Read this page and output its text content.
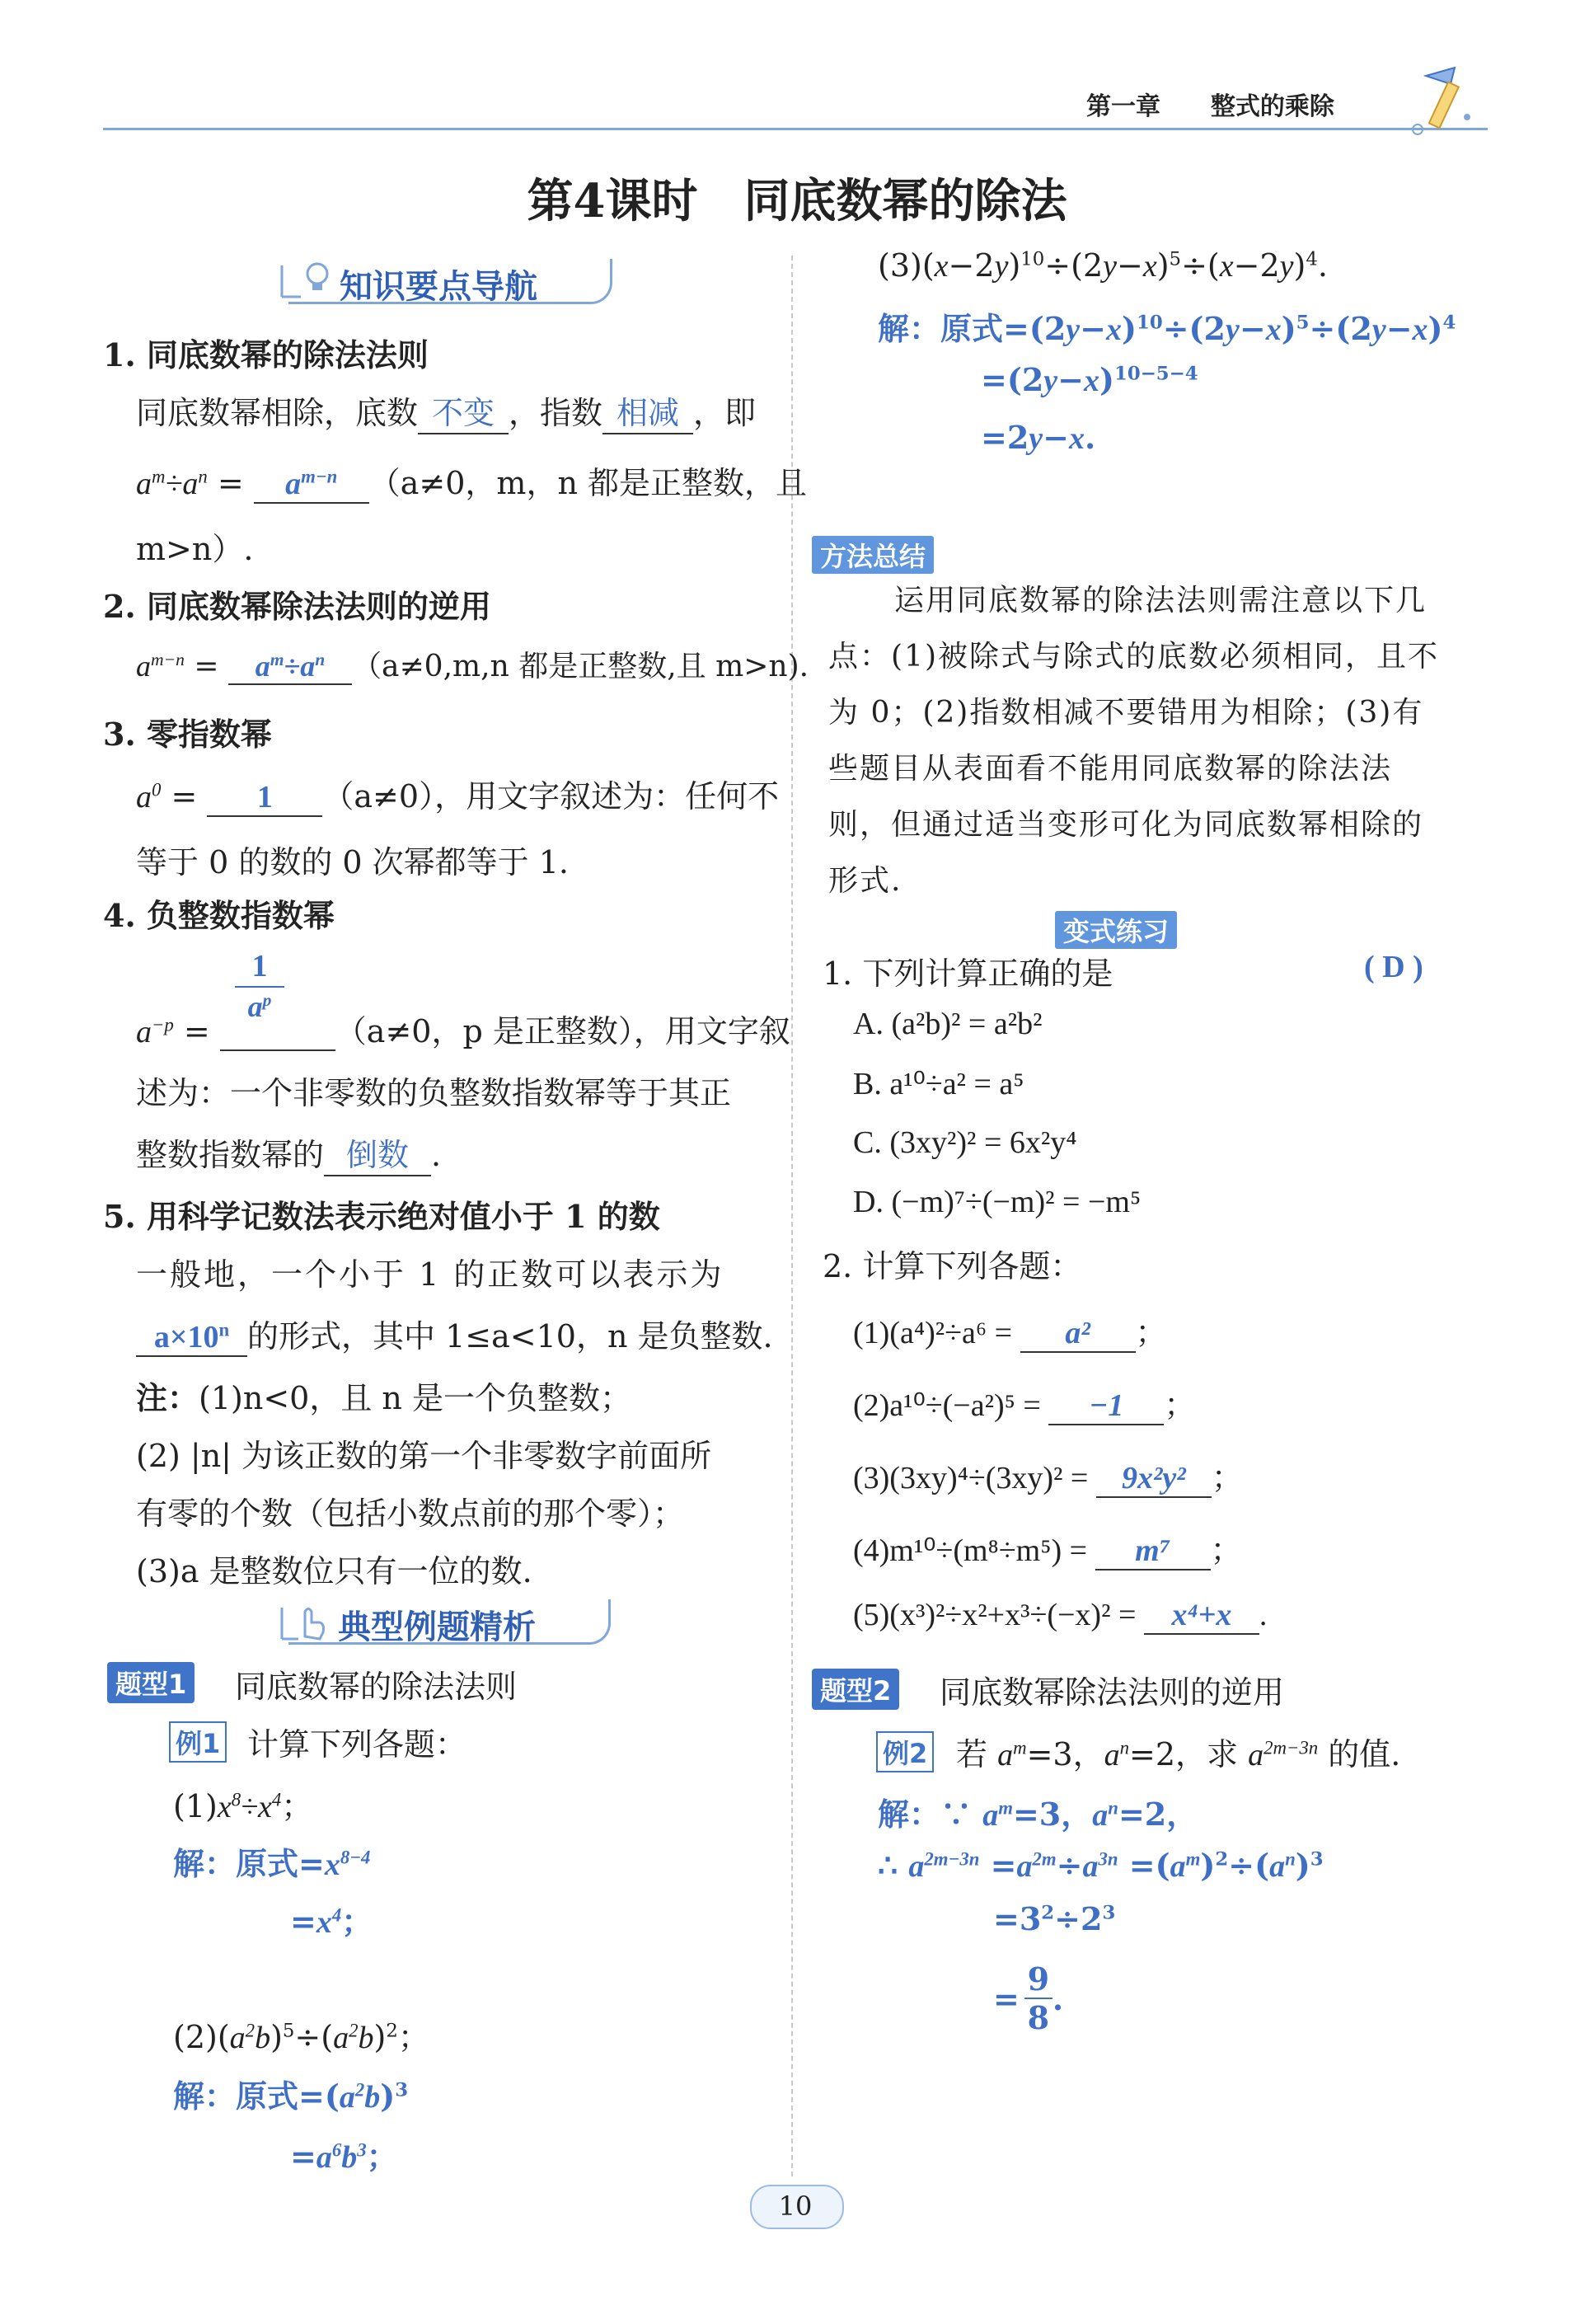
第一章 整式的乘除
第4课时　同底数幂的除法
知识要点导航
1. 同底数幂的除法法则
同底数幂相除，底数 不变 ，指数 相减 ，即
$a^m\div a^n = a^{m-n}$ （a≠0，m，n 都是正整数，且
m>n）.
2. 同底数幂除法法则的逆用
$a^{m-n} = a^m\div a^n$ （a≠0,m,n 都是正整数,且 m>n).
3. 零指数幂
$a^0 = 1$ （a≠0），用文字叙述为：任何不
等于 0 的数的 0 次幂都等于 1.
4. 负整数指数幂
1
$a^p$
$a^{-p}$ =	（a≠0，p 是正整数），用文字叙
述为：一个非零数的负整数指数幂等于其正
整数指数幂的 倒数 .
5. 用科学记数法表示绝对值小于 1 的数
一般地，一个小于 1 的正数可以表示为
$a\times 10^n$ 的形式，其中 1≤a<10，n 是负整数.
注：(1)n<0，且 n 是一个负整数；
(2) |n| 为该正数的第一个非零数字前面所
有零的个数（包括小数点前的那个零）；
(3)a 是整数位只有一位的数.
典型例题精析
题型1 同底数幂的除法法则
例1 计算下列各题：
$(1)x^8\div x^4$；
解：原式$=x^{8-4}$
$=x^4$；
$(2)(a^2b)^5\div(a^2b)^2$；
解：原式$=(a^2b)^3$
$=a^6b^3$；
$(3)(x-2y)^{10}\div(2y-x)^5\div(x-2y)^4$.
解：原式$=(2y-x)^{10}\div(2y-x)^5\div(2y-x)^4$
$=(2y-x)^{10-5-4}$
=2y−x.
方法总结
运用同底数幂的除法法则需注意以下几
点：(1)被除式与除式的底数必须相同，且不
为 0；(2)指数相减不要错用为相除；(3)有
些题目从表面看不能用同底数幂的除法法
则，但通过适当变形可化为同底数幂相除的
形式.
变式练习
1. 下列计算正确的是	( D )
A. (a²b)² = a²b²
B. a¹⁰÷a² = a⁵
C. (3xy²)² = 6x²y⁴
D. (−m)⁷÷(−m)² = −m⁵
2. 计算下列各题：
(1)(a⁴)²÷a⁶ = a² ；
(2)a¹⁰÷(−a²)⁵ = −1 ；
(3)(3xy)⁴÷(3xy)² = 9x²y² ；
(4)m¹⁰÷(m⁸÷m⁵) = m⁷ ；
(5)(x³)²÷x²+x³÷(−x)² = x⁴+x .
题型2 同底数幂除法法则的逆用
例2 若 $a^m=3$，$a^n=2$，求 $a^{2m-3n}$ 的值.
解：∵ $a^m=3$，$a^n=2$，
∴ $a^{2m-3n} =a^{2m}\div a^{3n} =(a^m)^2\div(a^n)^3$
$=3^2\div 2^3$
=
9
8
.
10
